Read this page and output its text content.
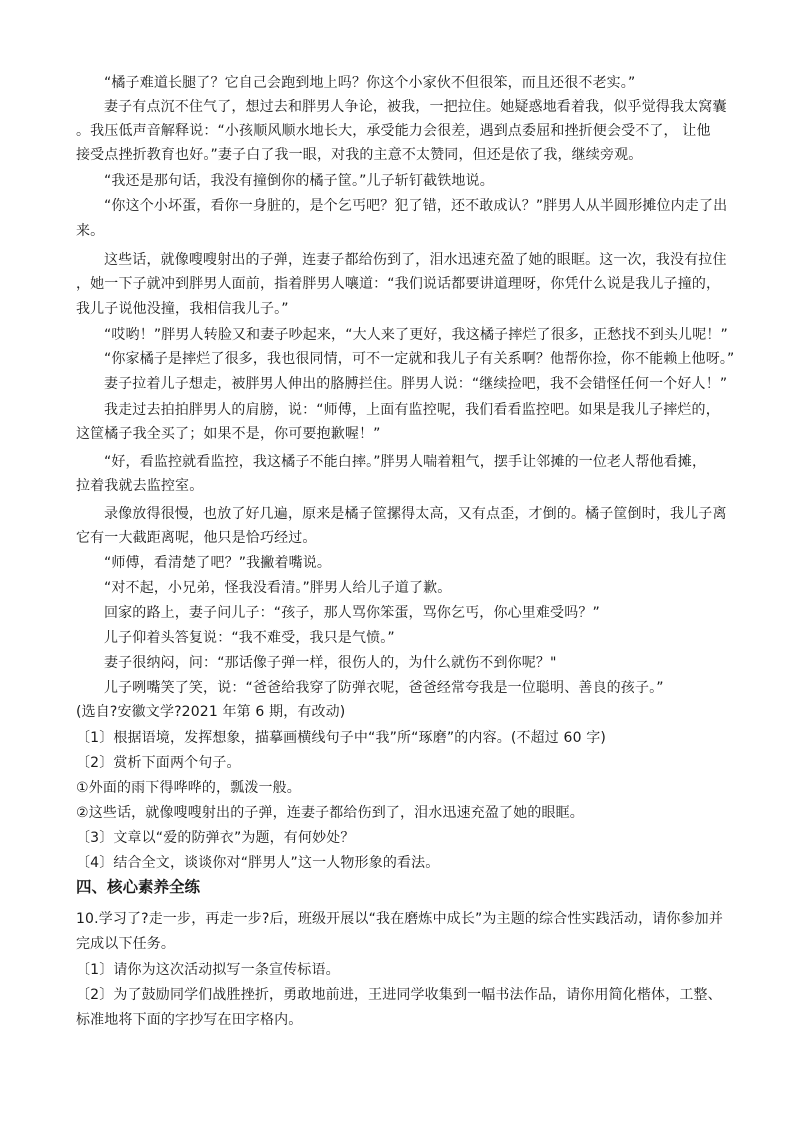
“橘子难道长腿了？它自己会跑到地上吗？你这个小家伙不但很笨，而且还很不老实。”
妻子有点沉不住气了，想过去和胖男人争论，被我，一把拉住。她疑惑地看着我，似乎觉得我太窝囊
。我压低声音解释说：“小孩顺风顺水地长大，承受能力会很差，遇到点委屈和挫折便会受不了， 让他
接受点挫折教育也好。”妻子白了我一眼，对我的主意不太赞同，但还是依了我，继续旁观。
“我还是那句话，我没有撞倒你的橘子筐。”儿子斩钉截铁地说。
“你这个小坏蛋，看你一身脏的，是个乞丐吧？犯了错，还不敢成认？”胖男人从半圆形摊位内走了出
来。
这些话，就像嗖嗖射出的子弹，连妻子都给伤到了，泪水迅速充盈了她的眼眶。这一次，我没有拉住
，她一下子就冲到胖男人面前，指着胖男人嚷道：“我们说话都要讲道理呀，你凭什么说是我儿子撞的，
我儿子说他没撞，我相信我儿子。”
“哎哟！”胖男人转脸又和妻子吵起来，“大人来了更好，我这橘子摔烂了很多，正愁找不到头儿呢！”
“你家橘子是摔烂了很多，我也很同情，可不一定就和我儿子有关系啊？他帮你捡，你不能赖上他呀。”
妻子拉着儿子想走，被胖男人伸出的胳膊拦住。胖男人说：“继续捡吧，我不会错怪任何一个好人！”
我走过去拍拍胖男人的肩膀，说：“师傅，上面有监控呢，我们看看监控吧。如果是我儿子摔烂的，
这筐橘子我全买了；如果不是，你可要抱歉喔！”
“好，看监控就看监控，我这橘子不能白摔。”胖男人喘着粗气，摆手让邻摊的一位老人帮他看摊，
拉着我就去监控室。
录像放得很慢，也放了好几遍，原来是橘子筐摞得太高，又有点歪，才倒的。橘子筐倒时，我儿子离
它有一大截距离呢，他只是恰巧经过。
“师傅，看清楚了吧？”我撇着嘴说。
“对不起，小兄弟，怪我没看清。”胖男人给儿子道了歉。
回家的路上，妻子问儿子：“孩子，那人骂你笨蛋，骂你乞丐，你心里难受吗？”
儿子仰着头答复说：“我不难受，我只是气愤。”
妻子很纳闷，问：“那话像子弹一样，很伤人的，为什么就伤不到你呢？"
儿子咧嘴笑了笑，说：“爸爸给我穿了防弹衣呢，爸爸经常夸我是一位聪明、善良的孩子。”
(选自?安徽文学?2021 年第 6 期，有改动)
〔1〕根据语境，发挥想象，描摹画横线句子中“我”所“琢磨”的内容。(不超过 60 字)
〔2〕赏析下面两个句子。
①外面的雨下得哗哗的，瓢泼一般。
②这些话，就像嗖嗖射出的子弹，连妻子都给伤到了，泪水迅速充盈了她的眼眶。
〔3〕文章以“爱的防弹衣”为题，有何妙处？
〔4〕结合全文，谈谈你对“胖男人”这一人物形象的看法。
四、核心素养全练
10.学习了?走一步，再走一步?后，班级开展以“我在磨炼中成长”为主题的综合性实践活动，请你参加并
完成以下任务。
〔1〕请你为这次活动拟写一条宣传标语。
〔2〕为了鼓励同学们战胜挫折，勇敢地前进，王进同学收集到一幅书法作品，请你用简化楷体，工整、
标准地将下面的字抄写在田字格内。
